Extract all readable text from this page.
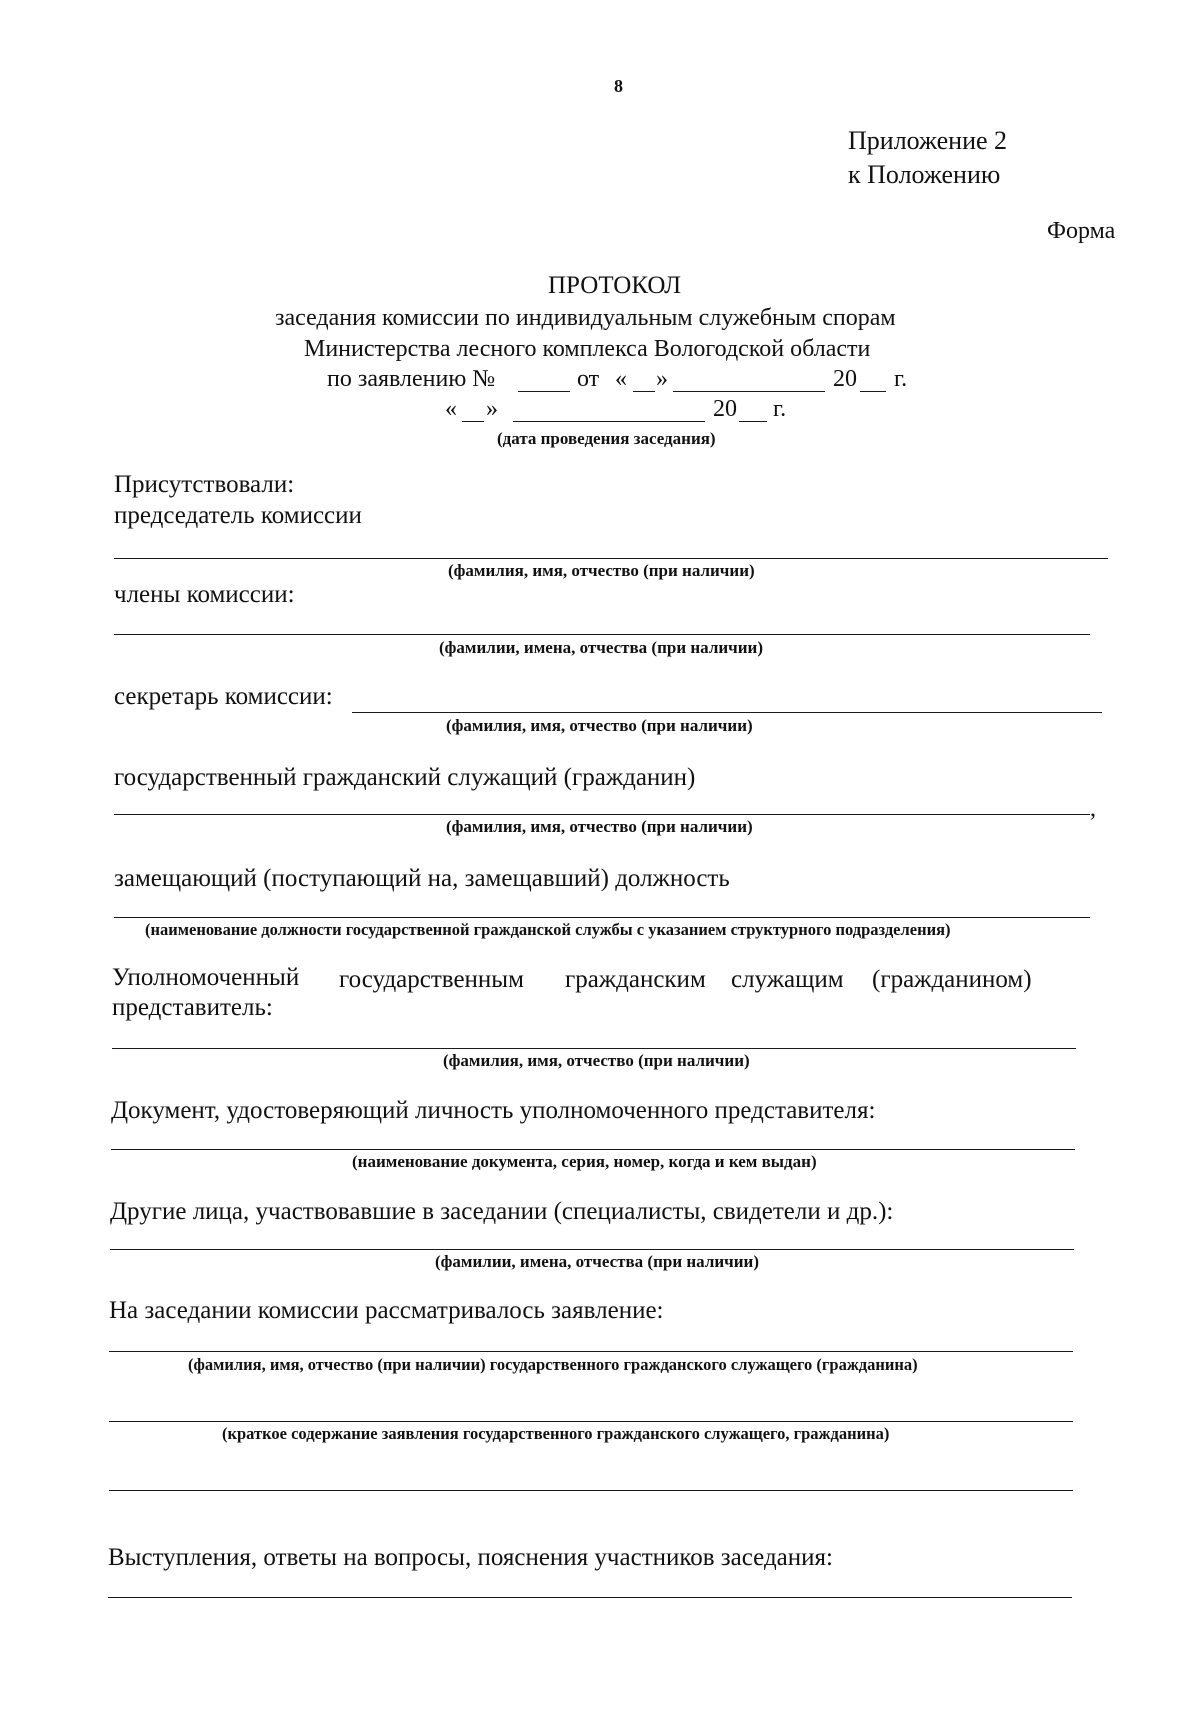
8
Приложение 2
к Положению
Форма
ПРОТОКОЛ
заседания комиссии по индивидуальным служебным спорам
Министерства лесного комплекса Вологодской области
по заявлению №	от « »	20 г.
« »	20 г.
(дата проведения заседания)
Присутствовали:
председатель комиссии
(фамилия, имя, отчество (при наличии)
члены комиссии:
(фамилии, имена, отчества (при наличии)
секретарь комиссии:
(фамилия, имя, отчество (при наличии)
государственный гражданский служащий (гражданин)
,
(фамилия, имя, отчество (при наличии)
замещающий (поступающий на, замещавший) должность
(наименование должности государственной гражданской службы с указанием структурного подразделения)
Уполномоченный государственным гражданским служащим (гражданином)
представитель:
(фамилия, имя, отчество (при наличии)
Документ, удостоверяющий личность уполномоченного представителя:
(наименование документа, серия, номер, когда и кем выдан)
Другие лица, участвовавшие в заседании (специалисты, свидетели и др.):
(фамилии, имена, отчества (при наличии)
На заседании комиссии рассматривалось заявление:
(фамилия, имя, отчество (при наличии) государственного гражданского служащего (гражданина)
(краткое содержание заявления государственного гражданского служащего, гражданина)
Выступления, ответы на вопросы, пояснения участников заседания:
